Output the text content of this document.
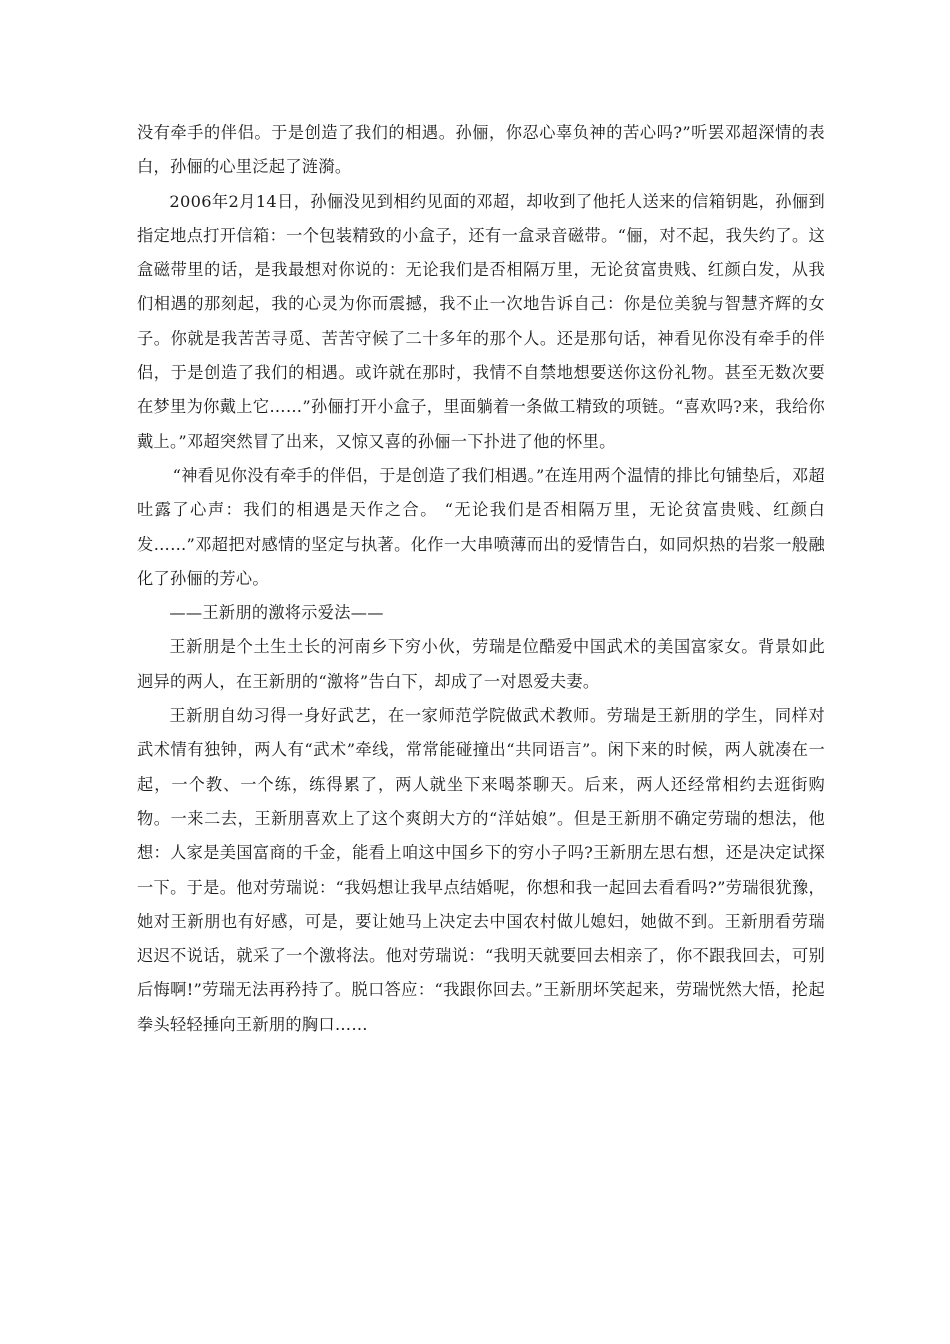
没有牵手的伴侣。于是创造了我们的相遇。孙俪，你忍心辜负神的苦心吗?”听罢邓超深情的表白，孙俪的心里泛起了涟漪。

2006年2月14日，孙俪没见到相约见面的邓超，却收到了他托人送来的信箱钥匙，孙俪到指定地点打开信箱：一个包装精致的小盒子，还有一盒录音磁带。“俪，对不起，我失约了。这盒磁带里的话，是我最想对你说的：无论我们是否相隔万里，无论贫富贵贱、红颜白发，从我们相遇的那刻起，我的心灵为你而震撼，我不止一次地告诉自己：你是位美貌与智慧齐辉的女子。你就是我苦苦寻觅、苦苦守候了二十多年的那个人。还是那句话，神看见你没有牵手的伴侣，于是创造了我们的相遇。或许就在那时，我情不自禁地想要送你这份礼物。甚至无数次要在梦里为你戴上它……”孙俪打开小盒子，里面躺着一条做工精致的项链。“喜欢吗?来，我给你戴上。”邓超突然冒了出来，又惊又喜的孙俪一下扑进了他的怀里。

“神看见你没有牵手的伴侣，于是创造了我们相遇。”在连用两个温情的排比句铺垫后，邓超吐露了心声：我们的相遇是天作之合。 “无论我们是否相隔万里，无论贫富贵贱、红颜白发……”邓超把对感情的坚定与执著。化作一大串喷薄而出的爱情告白，如同炽热的岩浆一般融化了孙俪的芳心。

——王新朋的激将示爱法——

王新朋是个土生土长的河南乡下穷小伙，劳瑞是位酷爱中国武术的美国富家女。背景如此迥异的两人，在王新朋的“激将”告白下，却成了一对恩爱夫妻。

王新朋自幼习得一身好武艺，在一家师范学院做武术教师。劳瑞是王新朋的学生，同样对武术情有独钟，两人有“武术”牵线，常常能碰撞出“共同语言”。闲下来的时候，两人就凑在一起，一个教、一个练，练得累了，两人就坐下来喝茶聊天。后来，两人还经常相约去逛街购物。一来二去，王新朋喜欢上了这个爽朗大方的“洋姑娘”。但是王新朋不确定劳瑞的想法，他想：人家是美国富商的千金，能看上咱这中国乡下的穷小子吗?王新朋左思右想，还是决定试探一下。于是。他对劳瑞说：“我妈想让我早点结婚呢，你想和我一起回去看看吗?”劳瑞很犹豫，她对王新朋也有好感，可是，要让她马上决定去中国农村做儿媳妇，她做不到。王新朋看劳瑞迟迟不说话，就采了一个激将法。他对劳瑞说：“我明天就要回去相亲了，你不跟我回去，可别后悔啊!”劳瑞无法再矜持了。脱口答应：“我跟你回去。”王新朋坏笑起来，劳瑞恍然大悟，抡起拳头轻轻捶向王新朋的胸口……
